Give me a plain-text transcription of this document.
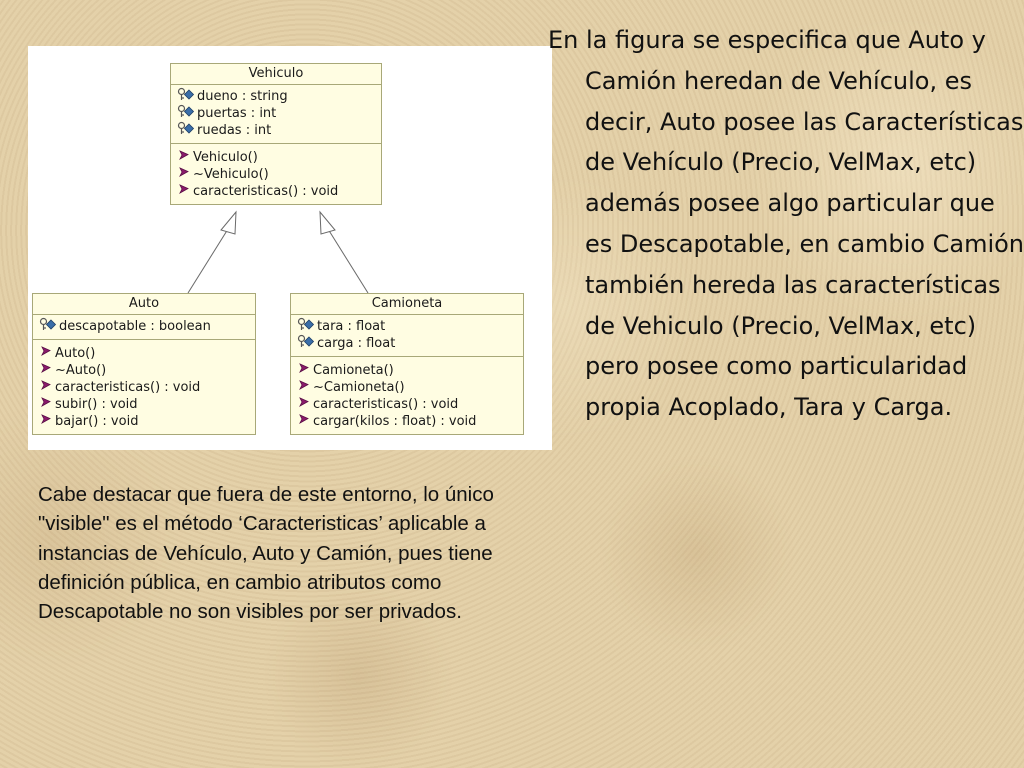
Vehiculo
dueno : string
puertas : int
ruedas : int
Vehiculo()
~Vehiculo()
caracteristicas() : void
Auto
descapotable : boolean
Auto()
~Auto()
caracteristicas() : void
subir() : void
bajar() : void
Camioneta
tara : float
carga : float
Camioneta()
~Camioneta()
caracteristicas() : void
cargar(kilos : float) : void

En la figura se especifica que Auto y Camión heredan de Vehículo, es decir, Auto posee las Características de Vehículo (Precio, VelMax, etc) además posee algo particular que es Descapotable, en cambio Camión también hereda las características de Vehiculo (Precio, VelMax, etc) pero posee como particularidad propia Acoplado, Tara y Carga.

Cabe destacar que fuera de este entorno, lo único "visible" es el método ‘Caracteristicas’ aplicable a instancias de Vehículo, Auto y Camión, pues tiene definición pública, en cambio atributos como Descapotable no son visibles por ser privados.
